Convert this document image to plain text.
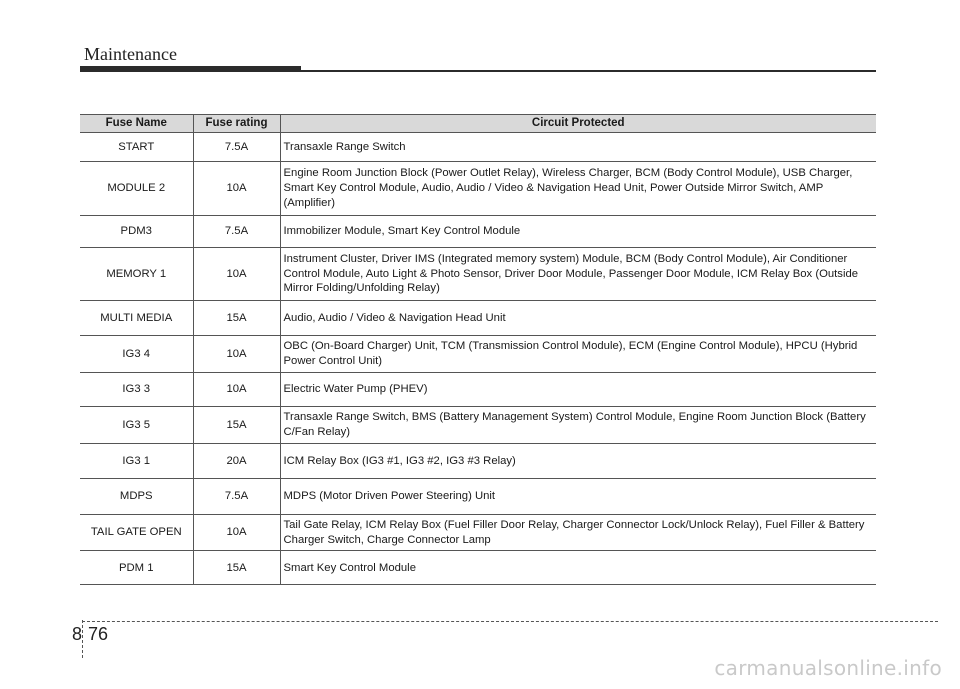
Maintenance
Fuse Name	Fuse rating	Circuit Protected
START	7.5A	Transaxle Range Switch
MODULE 2	10A	Engine Room Junction Block (Power Outlet Relay), Wireless Charger, BCM (Body Control Module), USB Charger, Smart Key Control Module, Audio, Audio / Video & Navigation Head Unit, Power Outside Mirror Switch, AMP (Amplifier)
PDM3	7.5A	Immobilizer Module, Smart Key Control Module
MEMORY 1	10A	Instrument Cluster, Driver IMS (Integrated memory system) Module, BCM (Body Control Module), Air Conditioner Control Module, Auto Light & Photo Sensor, Driver Door Module, Passenger Door Module, ICM Relay Box (Outside Mirror Folding/Unfolding Relay)
MULTI MEDIA	15A	Audio, Audio / Video & Navigation Head Unit
IG3 4	10A	OBC (On-Board Charger) Unit, TCM (Transmission Control Module), ECM (Engine Control Module), HPCU (Hybrid Power Control Unit)
IG3 3	10A	Electric Water Pump (PHEV)
IG3 5	15A	Transaxle Range Switch, BMS (Battery Management System) Control Module, Engine Room Junction Block (Battery C/Fan Relay)
IG3 1	20A	ICM Relay Box (IG3 #1, IG3 #2, IG3 #3 Relay)
MDPS	7.5A	MDPS (Motor Driven Power Steering) Unit
TAIL GATE OPEN	10A	Tail Gate Relay, ICM Relay Box (Fuel Filler Door Relay, Charger Connector Lock/Unlock Relay), Fuel Filler & Battery Charger Switch, Charge Connector Lamp
PDM 1	15A	Smart Key Control Module
8 76
carmanualsonline.info
